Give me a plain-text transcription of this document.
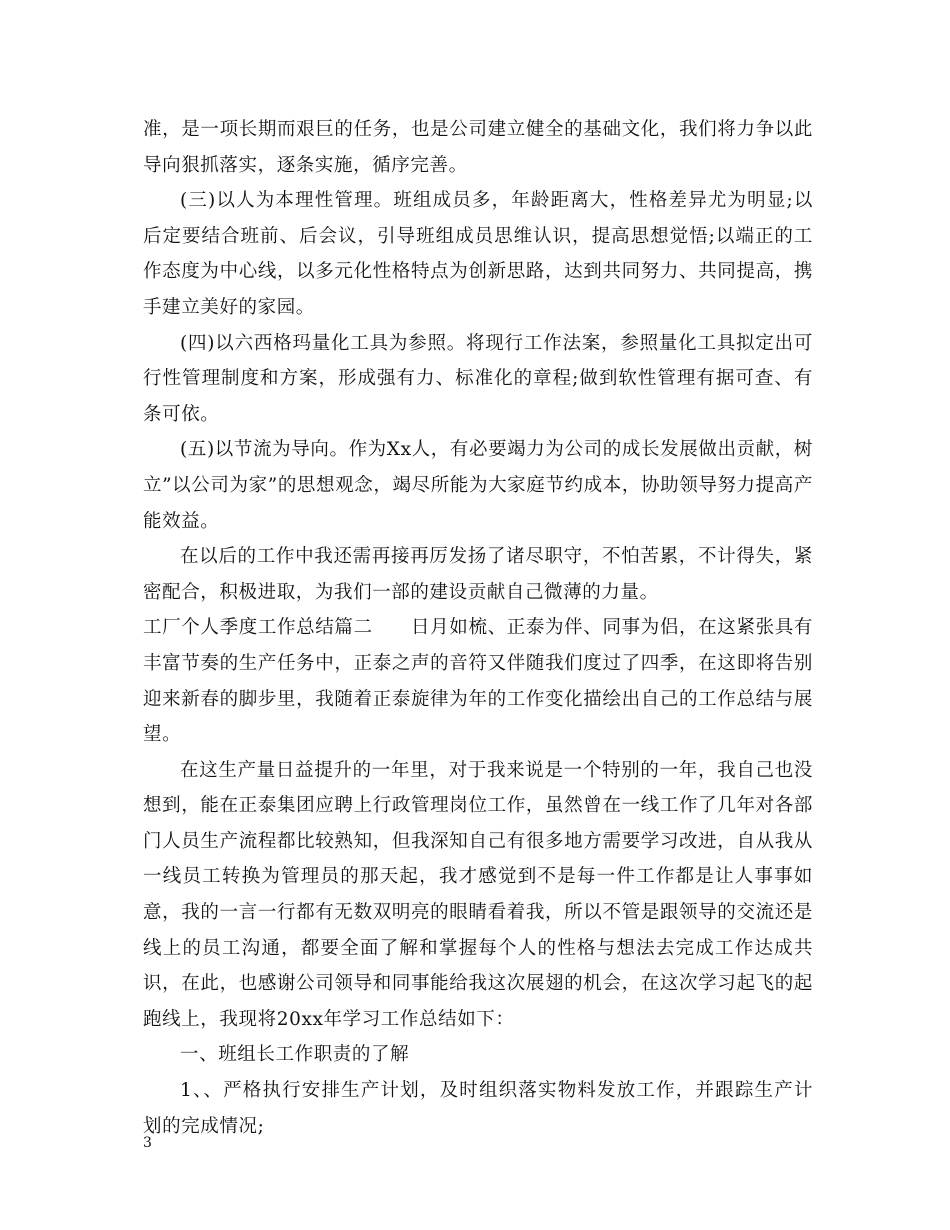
准，是一项长期而艰巨的任务，也是公司建立健全的基础文化，我们将力争以此导向狠抓落实，逐条实施，循序完善。

(三)以人为本理性管理。班组成员多，年龄距离大，性格差异尤为明显;以后定要结合班前、后会议，引导班组成员思维认识，提高思想觉悟;以端正的工作态度为中心线，以多元化性格特点为创新思路，达到共同努力、共同提高，携手建立美好的家园。

(四)以六西格玛量化工具为参照。将现行工作法案，参照量化工具拟定出可行性管理制度和方案，形成强有力、标准化的章程;做到软性管理有据可查、有条可依。

(五)以节流为导向。作为Xx人，有必要竭力为公司的成长发展做出贡献，树立”以公司为家”的思想观念，竭尽所能为大家庭节约成本，协助领导努力提高产能效益。

在以后的工作中我还需再接再厉发扬了诸尽职守，不怕苦累，不计得失，紧密配合，积极进取，为我们一部的建设贡献自己微薄的力量。

工厂个人季度工作总结篇二　　日月如梳、正泰为伴、同事为侣，在这紧张具有丰富节奏的生产任务中，正泰之声的音符又伴随我们度过了四季，在这即将告别迎来新春的脚步里，我随着正泰旋律为年的工作变化描绘出自己的工作总结与展望。

在这生产量日益提升的一年里，对于我来说是一个特别的一年，我自己也没想到，能在正泰集团应聘上行政管理岗位工作，虽然曾在一线工作了几年对各部门人员生产流程都比较熟知，但我深知自己有很多地方需要学习改进，自从我从一线员工转换为管理员的那天起，我才感觉到不是每一件工作都是让人事事如意，我的一言一行都有无数双明亮的眼睛看着我，所以不管是跟领导的交流还是线上的员工沟通，都要全面了解和掌握每个人的性格与想法去完成工作达成共识，在此，也感谢公司领导和同事能给我这次展翅的机会，在这次学习起飞的起跑线上，我现将20xx年学习工作总结如下：

一、班组长工作职责的了解

1、、严格执行安排生产计划，及时组织落实物料发放工作，并跟踪生产计划的完成情况;

3
